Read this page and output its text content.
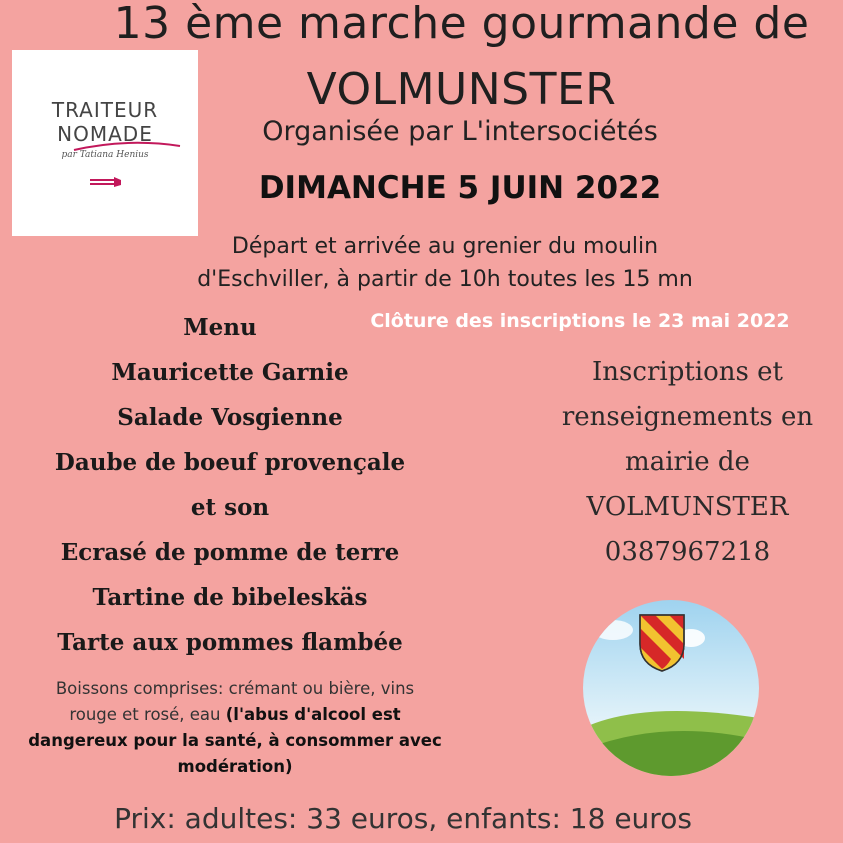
13 ème marche gourmande de
VOLMUNSTER
TRAITEUR
NOMADE
par Tatiana Henius
Organisée par L'intersociétés
DIMANCHE 5 JUIN 2022
Départ et arrivée au grenier du moulin
d'Eschviller, à partir de 10h toutes les 15 mn
Clôture des inscriptions le 23 mai 2022
Menu
Mauricette Garnie
Salade Vosgienne
Daube de boeuf provençale
et son
Ecrasé de pomme de terre
Tartine de bibeleskäs
Tarte aux pommes flambée
Inscriptions et
renseignements en
mairie de
VOLMUNSTER
0387967218
Boissons comprises: crémant ou bière, vins
rouge et rosé, eau (l'abus d'alcool est dangereux pour la santé, à consommer avec modération)
Prix: adultes: 33 euros, enfants: 18 euros
